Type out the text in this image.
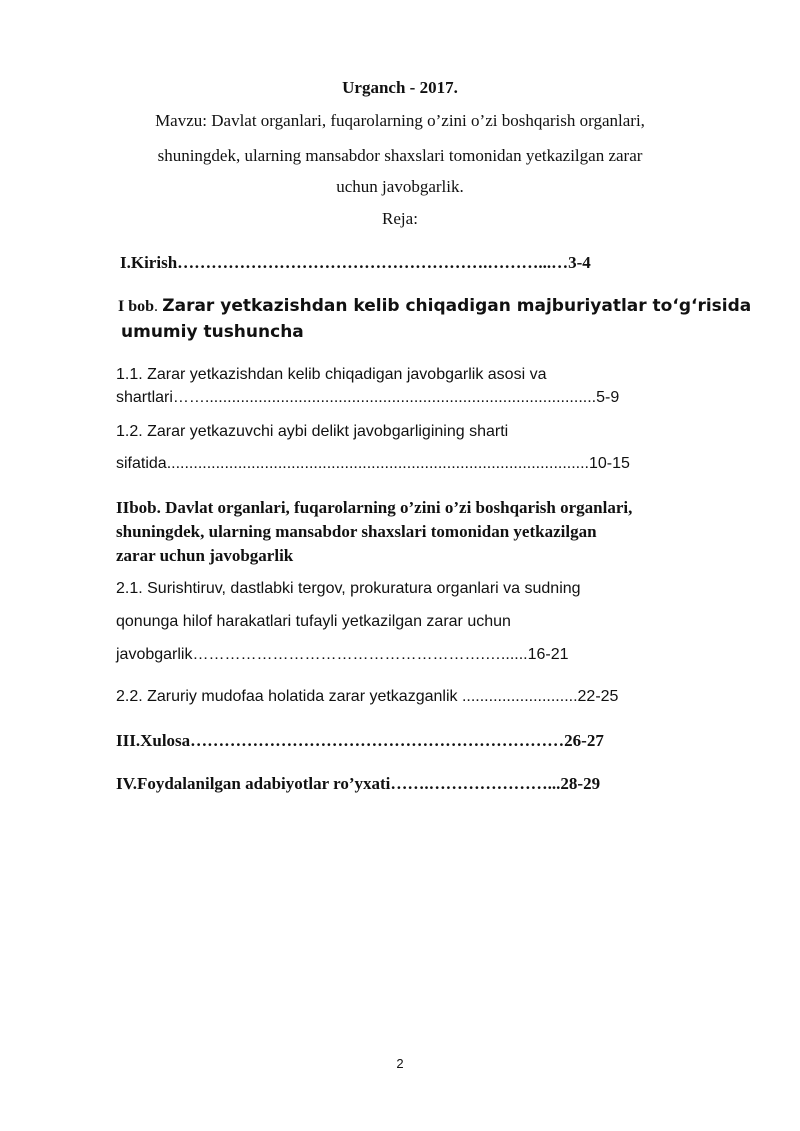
Urganch - 2017.
Mavzu: Davlat organlari, fuqarolarning o’zini o’zi boshqarish organlari,
shuningdek, ularning mansabdor shaxslari tomonidan yetkazilgan zarar
uchun javobgarlik.
Reja:
I.Kirish……………………………………………….………...…3-4
I bob. Zarar yetkazishdan kelib chiqadigan majburiyatlar to‘g‘risida
umumiy tushuncha
1.1. Zarar yetkazishdan kelib chiqadigan javobgarlik asosi va
shartlari……........................................................................................5-9
1.2. Zarar yetkazuvchi aybi delikt javobgarligining sharti
sifatida...............................................................................................10-15
IIbob. Davlat organlari, fuqarolarning o’zini o’zi boshqarish organlari,
shuningdek, ularning mansabdor shaxslari tomonidan yetkazilgan
zarar uchun javobgarlik
2.1. Surishtiruv, dastlabki tergov, prokuratura organlari va sudning
qonunga hilof harakatlari tufayli yetkazilgan zarar uchun
javobgarlik……………………………………………….…......16-21
2.2. Zaruriy mudofaa holatida zarar yetkazganlik ..........................22-25
III.Xulosa…………………………………………………………26-27
IV.Foydalanilgan adabiyotlar ro’yxati…….…………………...28-29
2
